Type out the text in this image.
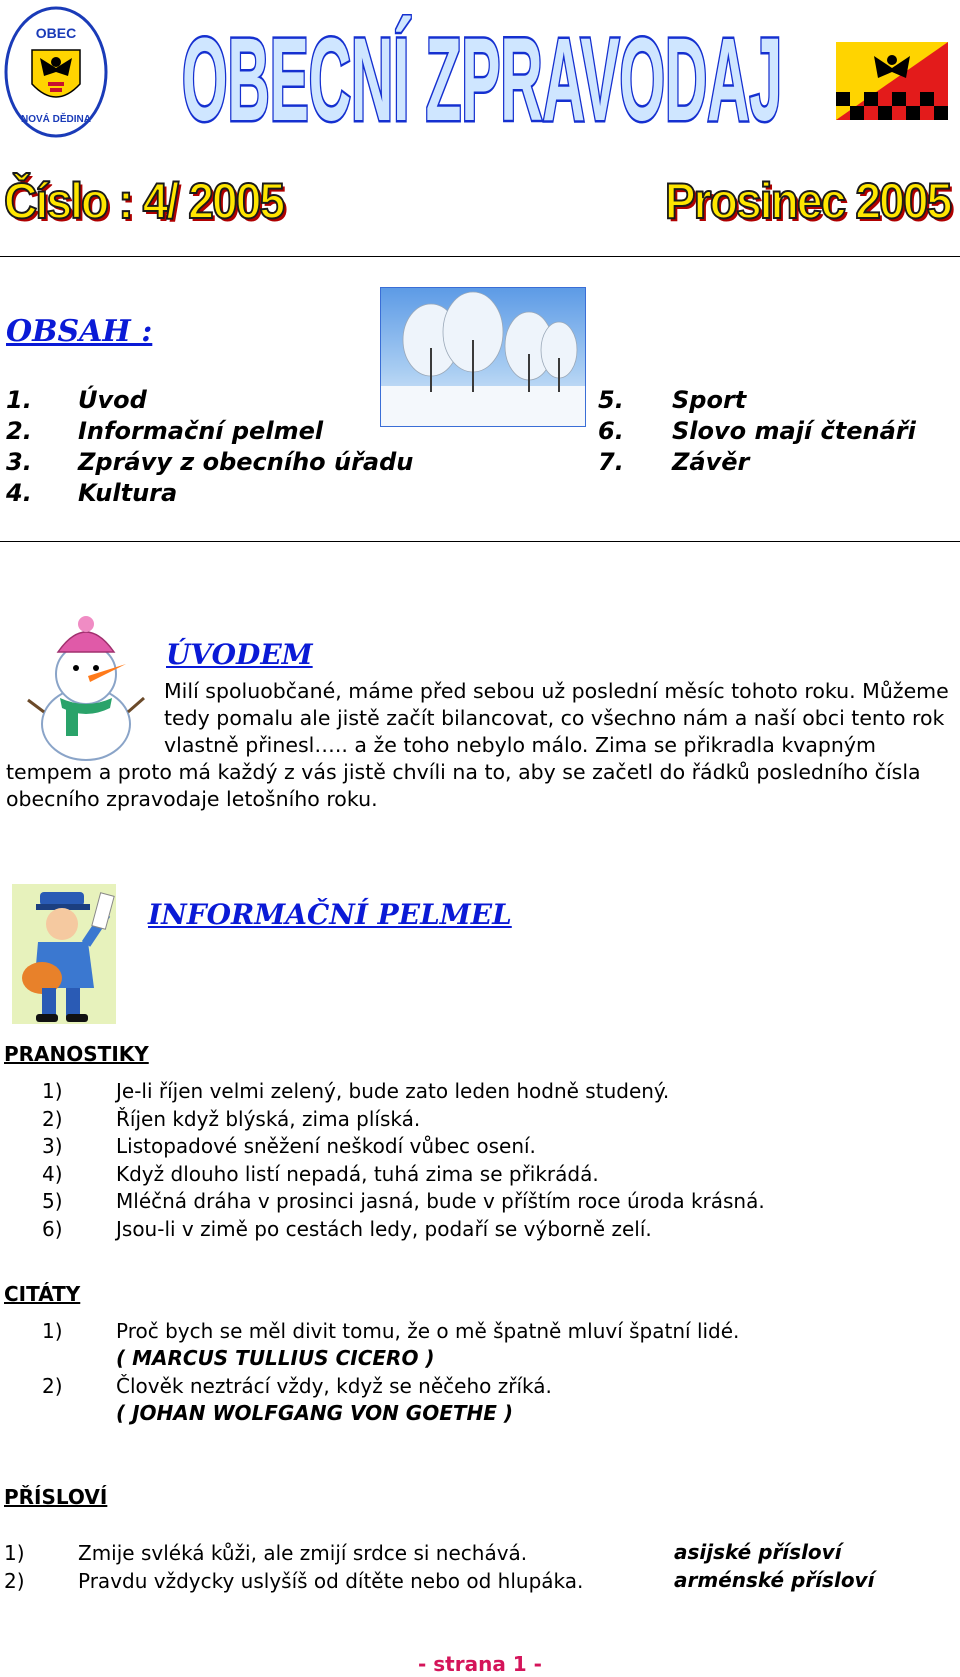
OBEC
NOVÁ DĚDINA OBECNÍ ZPRAVODAJ
Číslo : 4/ 2005	Prosinec 2005
OBSAH :
1. Úvod
2. Informační pelmel
3. Zprávy z obecního úřadu
4. Kultura
5. Sport
6. Slovo mají čtenáři
7. Závěr
ÚVODEM
Milí spoluobčané, máme před sebou už poslední měsíc tohoto roku. Můžeme
tedy pomalu ale jistě začít bilancovat, co všechno nám a naší obci tento rok
vlastně přinesl….. a že toho nebylo málo. Zima se přikradla kvapným
tempem a proto má každý z vás jistě chvíli na to, aby se začetl do řádků posledního čísla
obecního zpravodaje letošního roku.
INFORMAČNÍ PELMEL
PRANOSTIKY
1)	Je-li říjen velmi zelený, bude zato leden hodně studený.
2)	Říjen když blýská, zima plíská.
3)	Listopadové sněžení neškodí vůbec osení.
4)	Když dlouho listí nepadá, tuhá zima se přikrádá.
5)	Mléčná dráha v prosinci jasná, bude v příštím roce úroda krásná.
6)	Jsou-li v zimě po cestách ledy, podaří se výborně zelí.
CITÁTY
1)	Proč bych se měl divit tomu, že o mě špatně mluví špatní lidé.
( MARCUS TULLIUS CICERO )
2)	Člověk neztrácí vždy, když se něčeho zříká.
( JOHAN WOLFGANG VON GOETHE )
PŘÍSLOVÍ
1)	Zmije svléká kůži, ale zmijí srdce si nechává.	asijské přísloví
2)	Pravdu vždycky uslyšíš od dítěte nebo od hlupáka.	arménské přísloví
- strana 1 -
